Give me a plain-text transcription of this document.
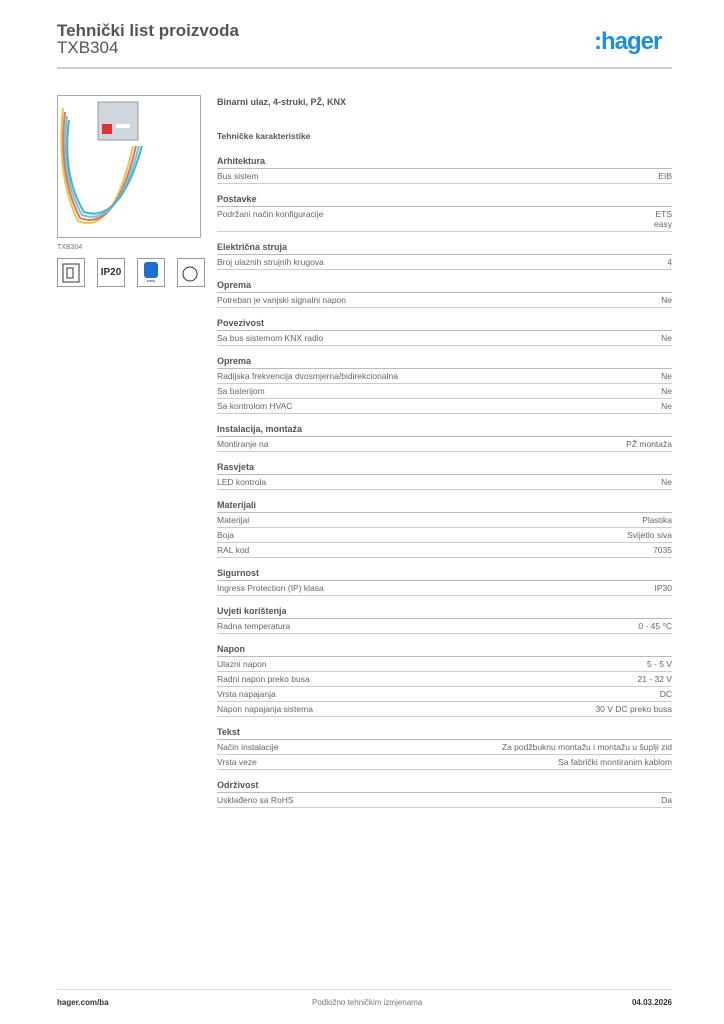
Tehnički list proizvoda
TXB304	:hager
TXB304
IP20
easy
Binarni ulaz, 4-struki, PŽ, KNX
Tehničke karakteristike
Arhitektura
Bus sistem	EIB
Postavke
Podržani način konfiguracije	ETS
easy
Električna struja
Broj ulaznih strujnih krugova	4
Oprema
Potreban je vanjski signalni napon	Ne
Povezivost
Sa bus sistemom KNX radio	Ne
Oprema
Radijska frekvencija dvosmjerna/bidirekcionalna	Ne
Sa baterijom	Ne
Sa kontrolom HVAC	Ne
Instalacija, montaža
Montiranje na	PŽ montaža
Rasvjeta
LED kontrola	Ne
Materijali
Materijal	Plastika
Boja	Svijetlo siva
RAL kod	7035
Sigurnost
Ingress Protection (IP) klasa	IP30
Uvjeti korištenja
Radna temperatura	0 - 45 °C
Napon
Ulazni napon	5 - 5 V
Radni napon preko busa	21 - 32 V
Vrsta napajanja	DC
Napon napajanja sistema	30 V DC preko busa
Tekst
Način instalacije	Za podžbuknu montažu i montažu u šuplji zid
Vrsta veze	Sa fabrički montiranim kablom
Održivost
Usklađeno sa RoHS	Da
hager.com/ba	Podložno tehničkim izmjenama	04.03.2026
